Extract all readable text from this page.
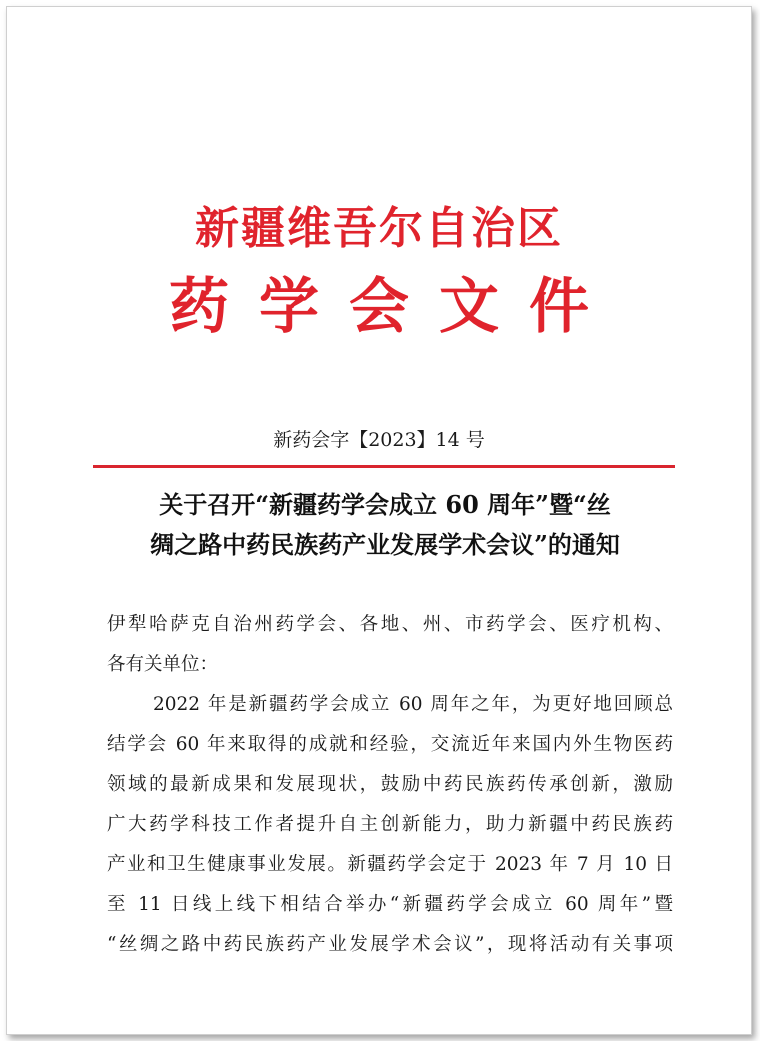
新疆维吾尔自治区
药学会文件
新药会字【2023】14 号
关于召开“新疆药学会成立 60 周年”暨“丝
绸之路中药民族药产业发展学术会议”的通知
伊犁哈萨克自治州药学会、各地、州、市药学会、医疗机构、
各有关单位：
2022 年是新疆药学会成立 60 周年之年，为更好地回顾总
结学会 60 年来取得的成就和经验，交流近年来国内外生物医药
领域的最新成果和发展现状，鼓励中药民族药传承创新，激励
广大药学科技工作者提升自主创新能力，助力新疆中药民族药
产业和卫生健康事业发展。新疆药学会定于 2023 年 7 月 10 日
至 11 日线上线下相结合举办“新疆药学会成立 60 周年”暨
“丝绸之路中药民族药产业发展学术会议”，现将活动有关事项
